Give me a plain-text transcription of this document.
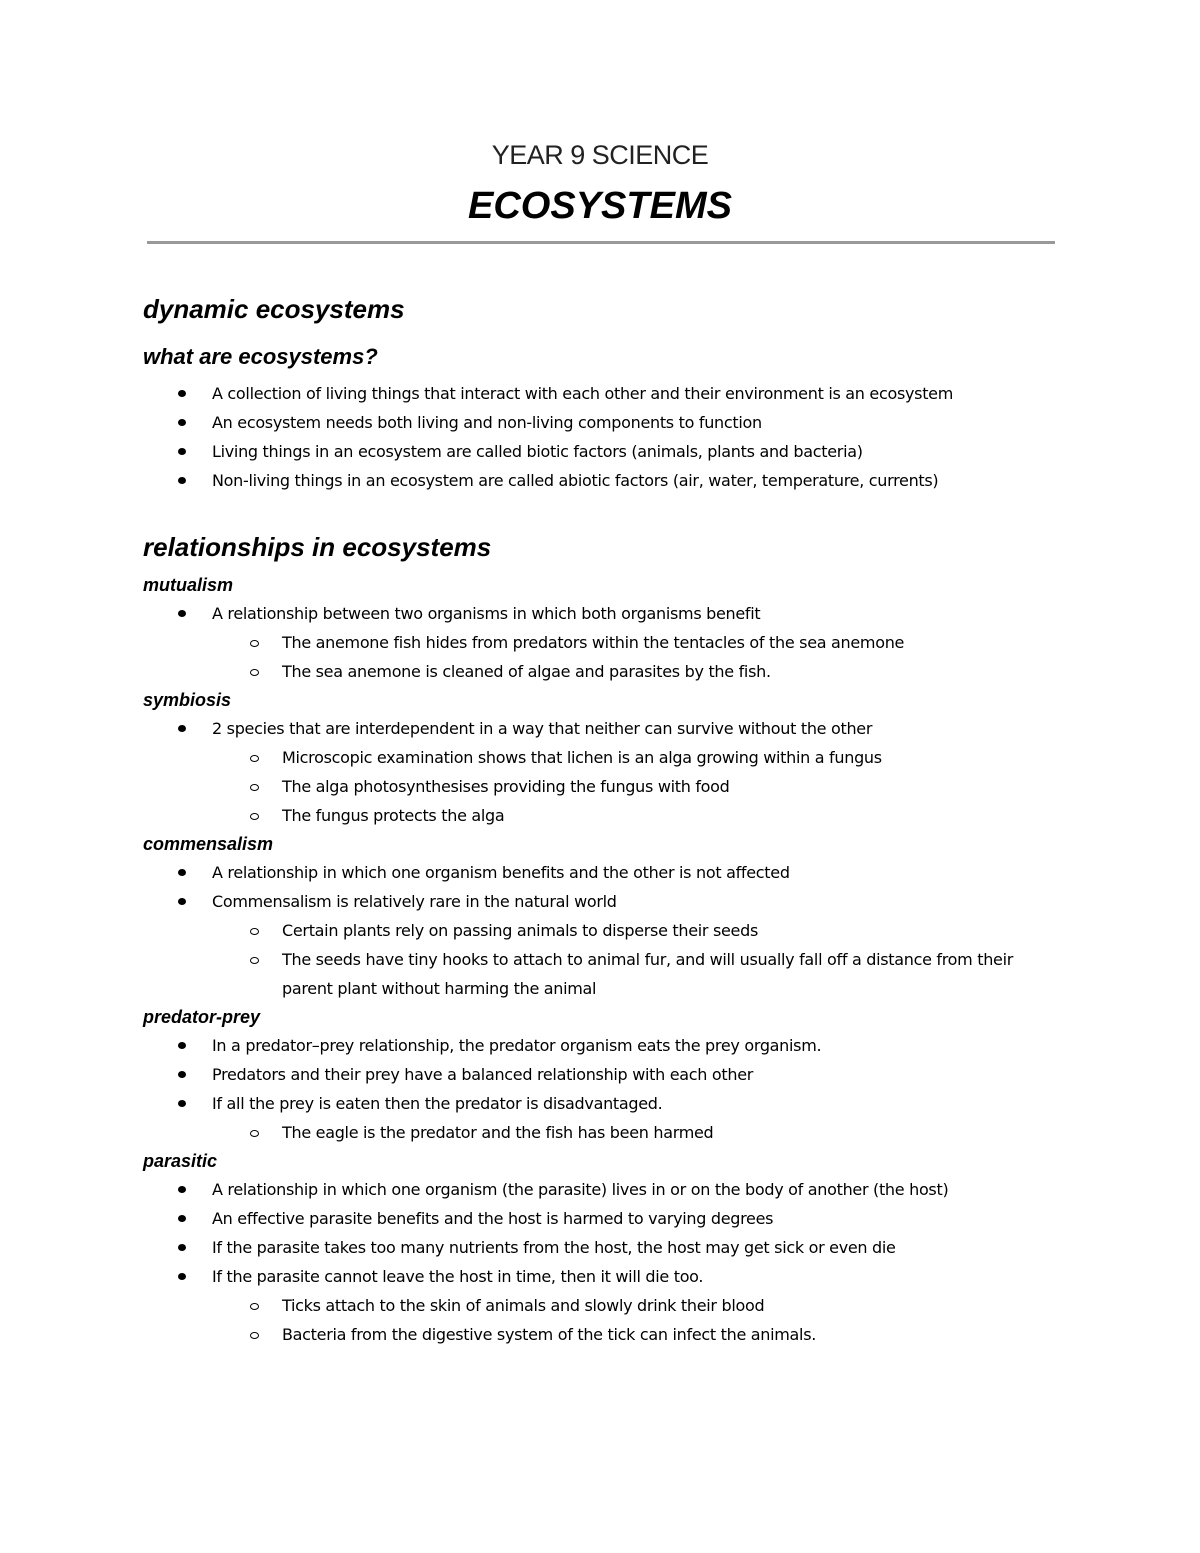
YEAR 9 SCIENCE
ECOSYSTEMS
dynamic ecosystems
what are ecosystems?
A collection of living things that interact with each other and their environment is an ecosystem
An ecosystem needs both living and non-living components to function
Living things in an ecosystem are called biotic factors (animals, plants and bacteria)
Non-living things in an ecosystem are called abiotic factors (air, water, temperature, currents)
relationships in ecosystems
mutualism
A relationship between two organisms in which both organisms benefit
The anemone fish hides from predators within the tentacles of the sea anemone
The sea anemone is cleaned of algae and parasites by the fish.
symbiosis
2 species that are interdependent in a way that neither can survive without the other
Microscopic examination shows that lichen is an alga growing within a fungus
The alga photosynthesises providing the fungus with food
The fungus protects the alga
commensalism
A relationship in which one organism benefits and the other is not affected
Commensalism is relatively rare in the natural world
Certain plants rely on passing animals to disperse their seeds
The seeds have tiny hooks to attach to animal fur, and will usually fall off a distance from their parent plant without harming the animal
predator-prey
In a predator–prey relationship, the predator organism eats the prey organism.
Predators and their prey have a balanced relationship with each other
If all the prey is eaten then the predator is disadvantaged.
The eagle is the predator and the fish has been harmed
parasitic
A relationship in which one organism (the parasite) lives in or on the body of another (the host)
An effective parasite benefits and the host is harmed to varying degrees
If the parasite takes too many nutrients from the host, the host may get sick or even die
If the parasite cannot leave the host in time, then it will die too.
Ticks attach to the skin of animals and slowly drink their blood
Bacteria from the digestive system of the tick can infect the animals.
